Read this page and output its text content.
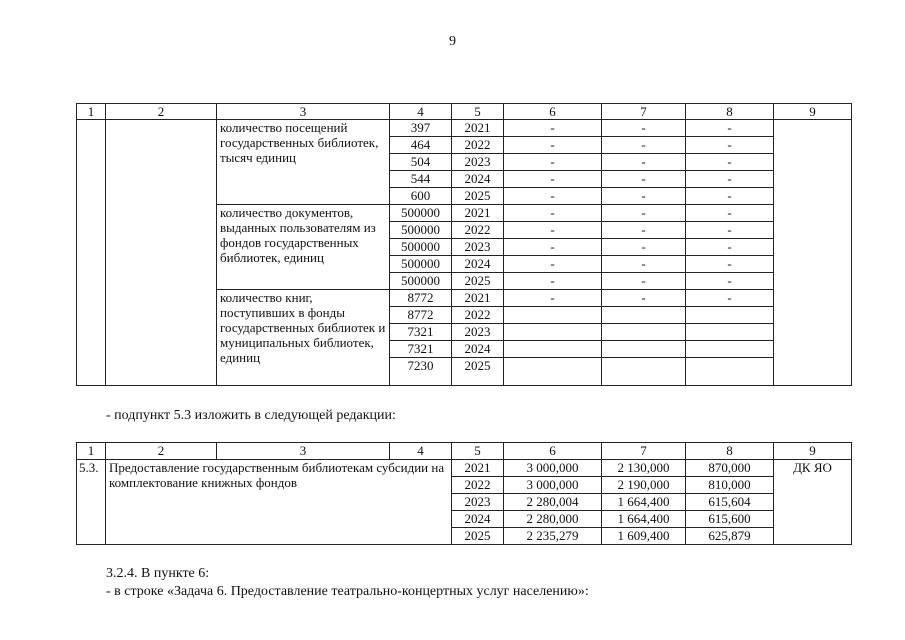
9
1	2	3	4	5	6	7	8	9
		количество посещений государственных библиотек, тысяч единиц	397	2021	-	-	-	
			464	2022	-	-	-	
			504	2023	-	-	-	
			544	2024	-	-	-	
			600	2025	-	-	-	
		количество документов, выданных пользователям из фондов государственных библиотек, единиц	500000	2021	-	-	-	
			500000	2022	-	-	-	
			500000	2023	-	-	-	
			500000	2024	-	-	-	
			500000	2025	-	-	-	
		количество книг, поступивших в фонды государственных библиотек и муниципальных библиотек, единиц	8772	2021	-	-	-	
			8772	2022				
			7321	2023				
			7321	2024				
			7230	2025				
- подпункт 5.3 изложить в следующей редакции:
1	2	3	4	5	6	7	8	9
5.3.	Предоставление государственным библиотекам субсидии на комплектование книжных фондов			2021	3 000,000	2 130,000	870,000	ДК ЯО
				2022	3 000,000	2 190,000	810,000	
				2023	2 280,004	1 664,400	615,604	
				2024	2 280,000	1 664,400	615,600	
				2025	2 235,279	1 609,400	625,879	
3.2.4. В пункте 6:
- в строке «Задача 6. Предоставление театрально-концертных услуг населению»:
